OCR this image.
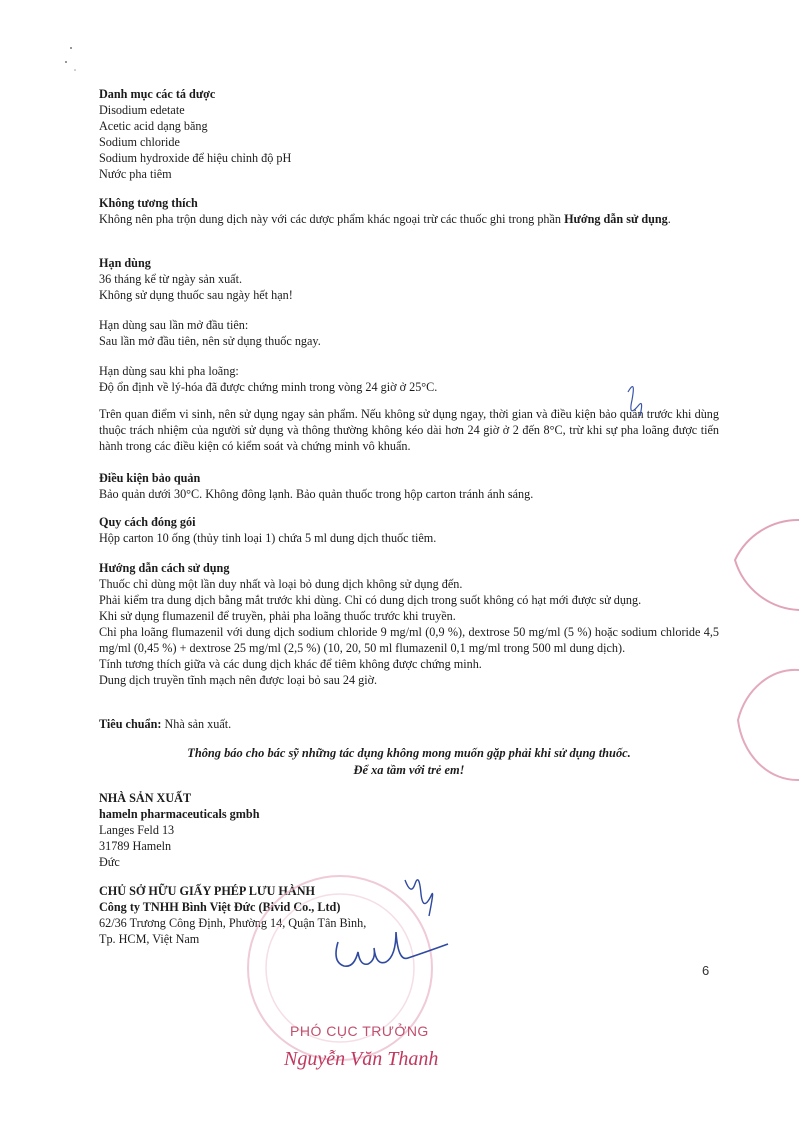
Danh mục các tá dược
Disodium edetate
Acetic acid dạng băng
Sodium chloride
Sodium hydroxide để hiệu chỉnh độ pH
Nước pha tiêm
Không tương thích
Không nên pha trộn dung dịch này với các dược phẩm khác ngoại trừ các thuốc ghi trong phần Hướng dẫn sử dụng.
Hạn dùng
36 tháng kể từ ngày sản xuất.
Không sử dụng thuốc sau ngày hết hạn!
Hạn dùng sau lần mở đầu tiên:
Sau lần mở đầu tiên, nên sử dụng thuốc ngay.
Hạn dùng sau khi pha loãng:
Độ ổn định về lý-hóa đã được chứng minh trong vòng 24 giờ ở 25°C.
Trên quan điểm vi sinh, nên sử dụng ngay sản phẩm. Nếu không sử dụng ngay, thời gian và điều kiện bảo quản trước khi dùng thuộc trách nhiệm của người sử dụng và thông thường không kéo dài hơn 24 giờ ở 2 đến 8°C, trừ khi sự pha loãng được tiến hành trong các điều kiện có kiểm soát và chứng minh vô khuẩn.
Điều kiện bảo quản
Bảo quản dưới 30°C. Không đông lạnh. Bảo quản thuốc trong hộp carton tránh ánh sáng.
Quy cách đóng gói
Hộp carton 10 ống (thủy tinh loại 1) chứa 5 ml dung dịch thuốc tiêm.
Hướng dẫn cách sử dụng
Thuốc chỉ dùng một lần duy nhất và loại bỏ dung dịch không sử dụng đến.
Phải kiểm tra dung dịch bằng mắt trước khi dùng. Chỉ có dung dịch trong suốt không có hạt mới được sử dụng.
Khi sử dụng flumazenil để truyền, phải pha loãng thuốc trước khi truyền.
Chỉ pha loãng flumazenil với dung dịch sodium chloride 9 mg/ml (0,9 %), dextrose 50 mg/ml (5 %) hoặc sodium chloride 4,5 mg/ml (0,45 %) + dextrose 25 mg/ml (2,5 %) (10, 20, 50 ml flumazenil 0,1 mg/ml trong 500 ml dung dịch).
Tính tương thích giữa và các dung dịch khác để tiêm không được chứng minh.
Dung dịch truyền tĩnh mạch nên được loại bỏ sau 24 giờ.
Tiêu chuẩn: Nhà sản xuất.
Thông báo cho bác sỹ những tác dụng không mong muốn gặp phải khi sử dụng thuốc.
Để xa tầm với trẻ em!
NHÀ SẢN XUẤT
hameln pharmaceuticals gmbh
Langes Feld 13
31789 Hameln
Đức
CHỦ SỞ HỮU GIẤY PHÉP LƯU HÀNH
Công ty TNHH Bình Việt Đức (Bivid Co., Ltd)
62/36 Trương Công Định, Phường 14, Quận Tân Bình,
Tp. HCM, Việt Nam
6
PHÓ CỤC TRƯỞNG
Nguyễn Văn Thanh
